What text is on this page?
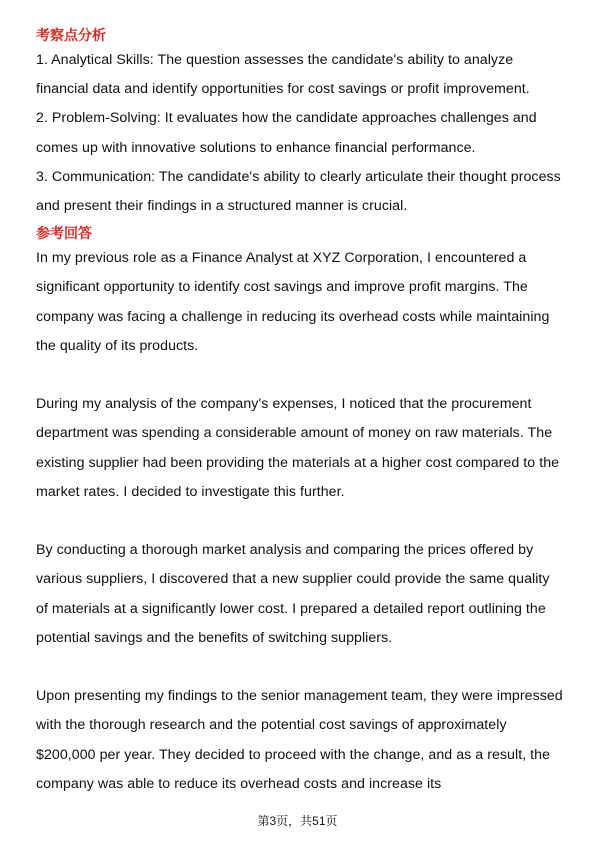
考察点分析

1. Analytical Skills: The question assesses the candidate's ability to analyze financial data and identify opportunities for cost savings or profit improvement.

2. Problem-Solving: It evaluates how the candidate approaches challenges and comes up with innovative solutions to enhance financial performance.

3. Communication: The candidate's ability to clearly articulate their thought process and present their findings in a structured manner is crucial.

参考回答

In my previous role as a Finance Analyst at XYZ Corporation, I encountered a significant opportunity to identify cost savings and improve profit margins. The company was facing a challenge in reducing its overhead costs while maintaining the quality of its products.

During my analysis of the company's expenses, I noticed that the procurement department was spending a considerable amount of money on raw materials. The existing supplier had been providing the materials at a higher cost compared to the market rates. I decided to investigate this further.

By conducting a thorough market analysis and comparing the prices offered by various suppliers, I discovered that a new supplier could provide the same quality of materials at a significantly lower cost. I prepared a detailed report outlining the potential savings and the benefits of switching suppliers.

Upon presenting my findings to the senior management team, they were impressed with the thorough research and the potential cost savings of approximately $200,000 per year. They decided to proceed with the change, and as a result, the company was able to reduce its overhead costs and increase its

第3页，共51页
